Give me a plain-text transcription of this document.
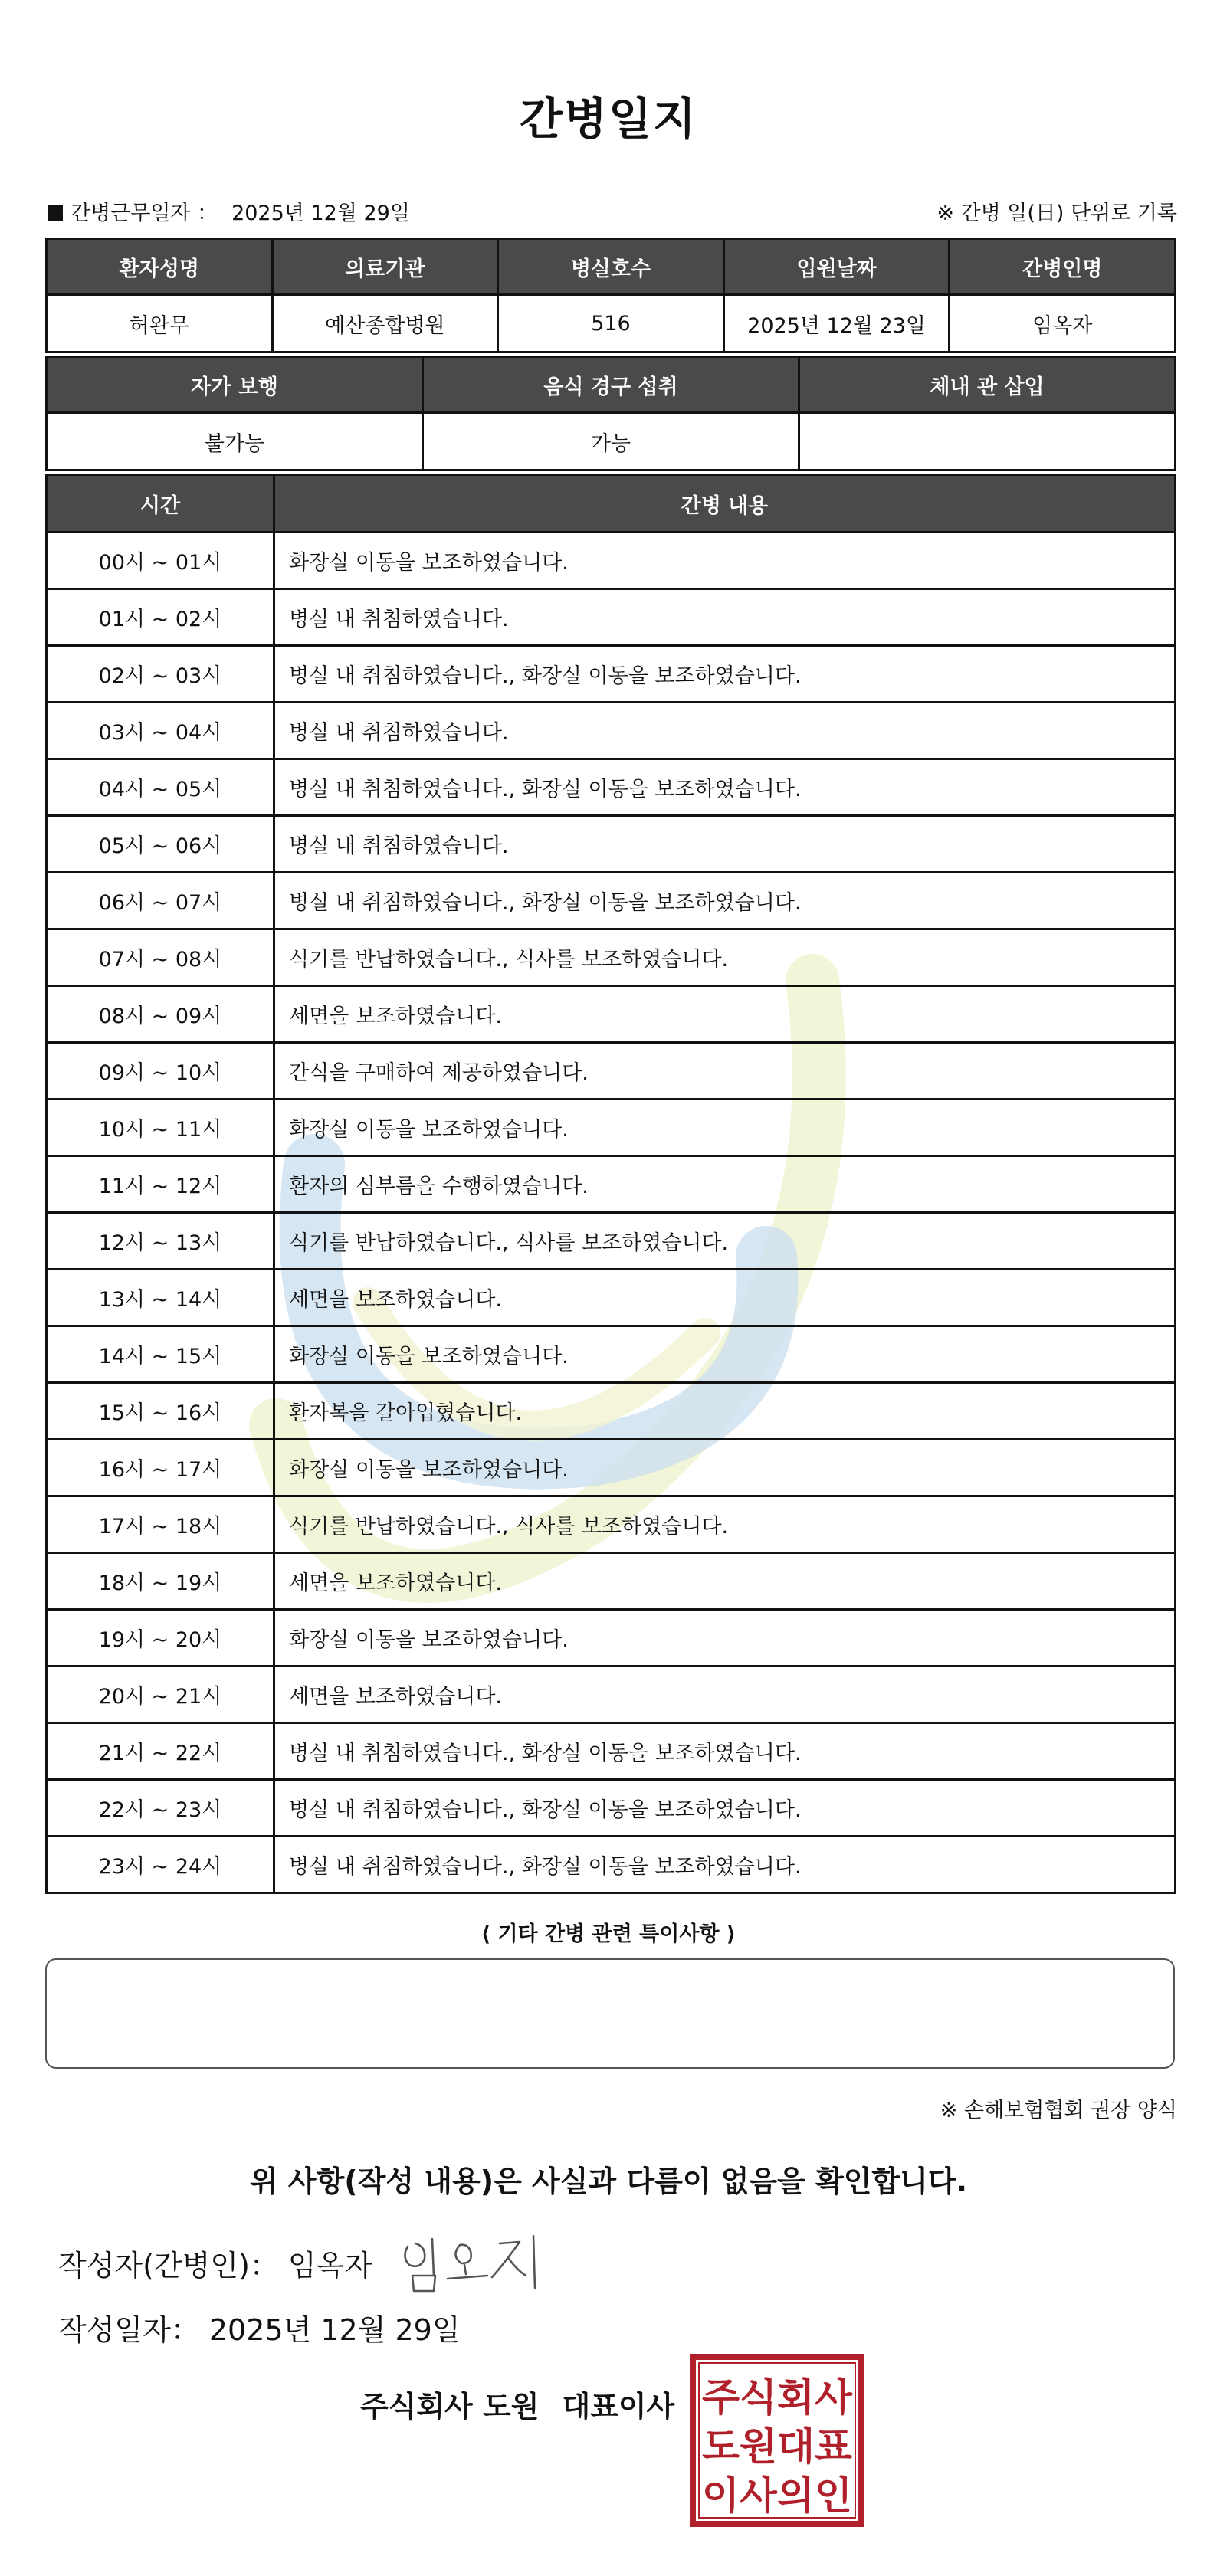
간병일지
간병근무일자 ： 2025년 12월 29일	※ 간병 일(日) 단위로 기록
환자성명	의료기관	병실호수	입원날짜	간병인명
허완무	예산종합병원	516	2025년 12월 23일	임옥자
자가 보행	음식 경구 섭취	체내 관 삽입
불가능	가능	
시간	간병 내용
00시 ~ 01시	화장실 이동을 보조하였습니다.
01시 ~ 02시	병실 내 취침하였습니다.
02시 ~ 03시	병실 내 취침하였습니다., 화장실 이동을 보조하였습니다.
03시 ~ 04시	병실 내 취침하였습니다.
04시 ~ 05시	병실 내 취침하였습니다., 화장실 이동을 보조하였습니다.
05시 ~ 06시	병실 내 취침하였습니다.
06시 ~ 07시	병실 내 취침하였습니다., 화장실 이동을 보조하였습니다.
07시 ~ 08시	식기를 반납하였습니다., 식사를 보조하였습니다.
08시 ~ 09시	세면을 보조하였습니다.
09시 ~ 10시	간식을 구매하여 제공하였습니다.
10시 ~ 11시	화장실 이동을 보조하였습니다.
11시 ~ 12시	환자의 심부름을 수행하였습니다.
12시 ~ 13시	식기를 반납하였습니다., 식사를 보조하였습니다.
13시 ~ 14시	세면을 보조하였습니다.
14시 ~ 15시	화장실 이동을 보조하였습니다.
15시 ~ 16시	환자복을 갈아입혔습니다.
16시 ~ 17시	화장실 이동을 보조하였습니다.
17시 ~ 18시	식기를 반납하였습니다., 식사를 보조하였습니다.
18시 ~ 19시	세면을 보조하였습니다.
19시 ~ 20시	화장실 이동을 보조하였습니다.
20시 ~ 21시	세면을 보조하였습니다.
21시 ~ 22시	병실 내 취침하였습니다., 화장실 이동을 보조하였습니다.
22시 ~ 23시	병실 내 취침하였습니다., 화장실 이동을 보조하였습니다.
23시 ~ 24시	병실 내 취침하였습니다., 화장실 이동을 보조하였습니다.
⟨ 기타 간병 관련 특이사항 ⟩
※ 손해보험협회 권장 양식
위 사항(작성 내용)은 사실과 다름이 없음을 확인합니다.
작성자(간병인)： 임옥자
작성일자： 2025년 12월 29일
주식회사 도원 대표이사 주식회사
도원대표
이사의인
